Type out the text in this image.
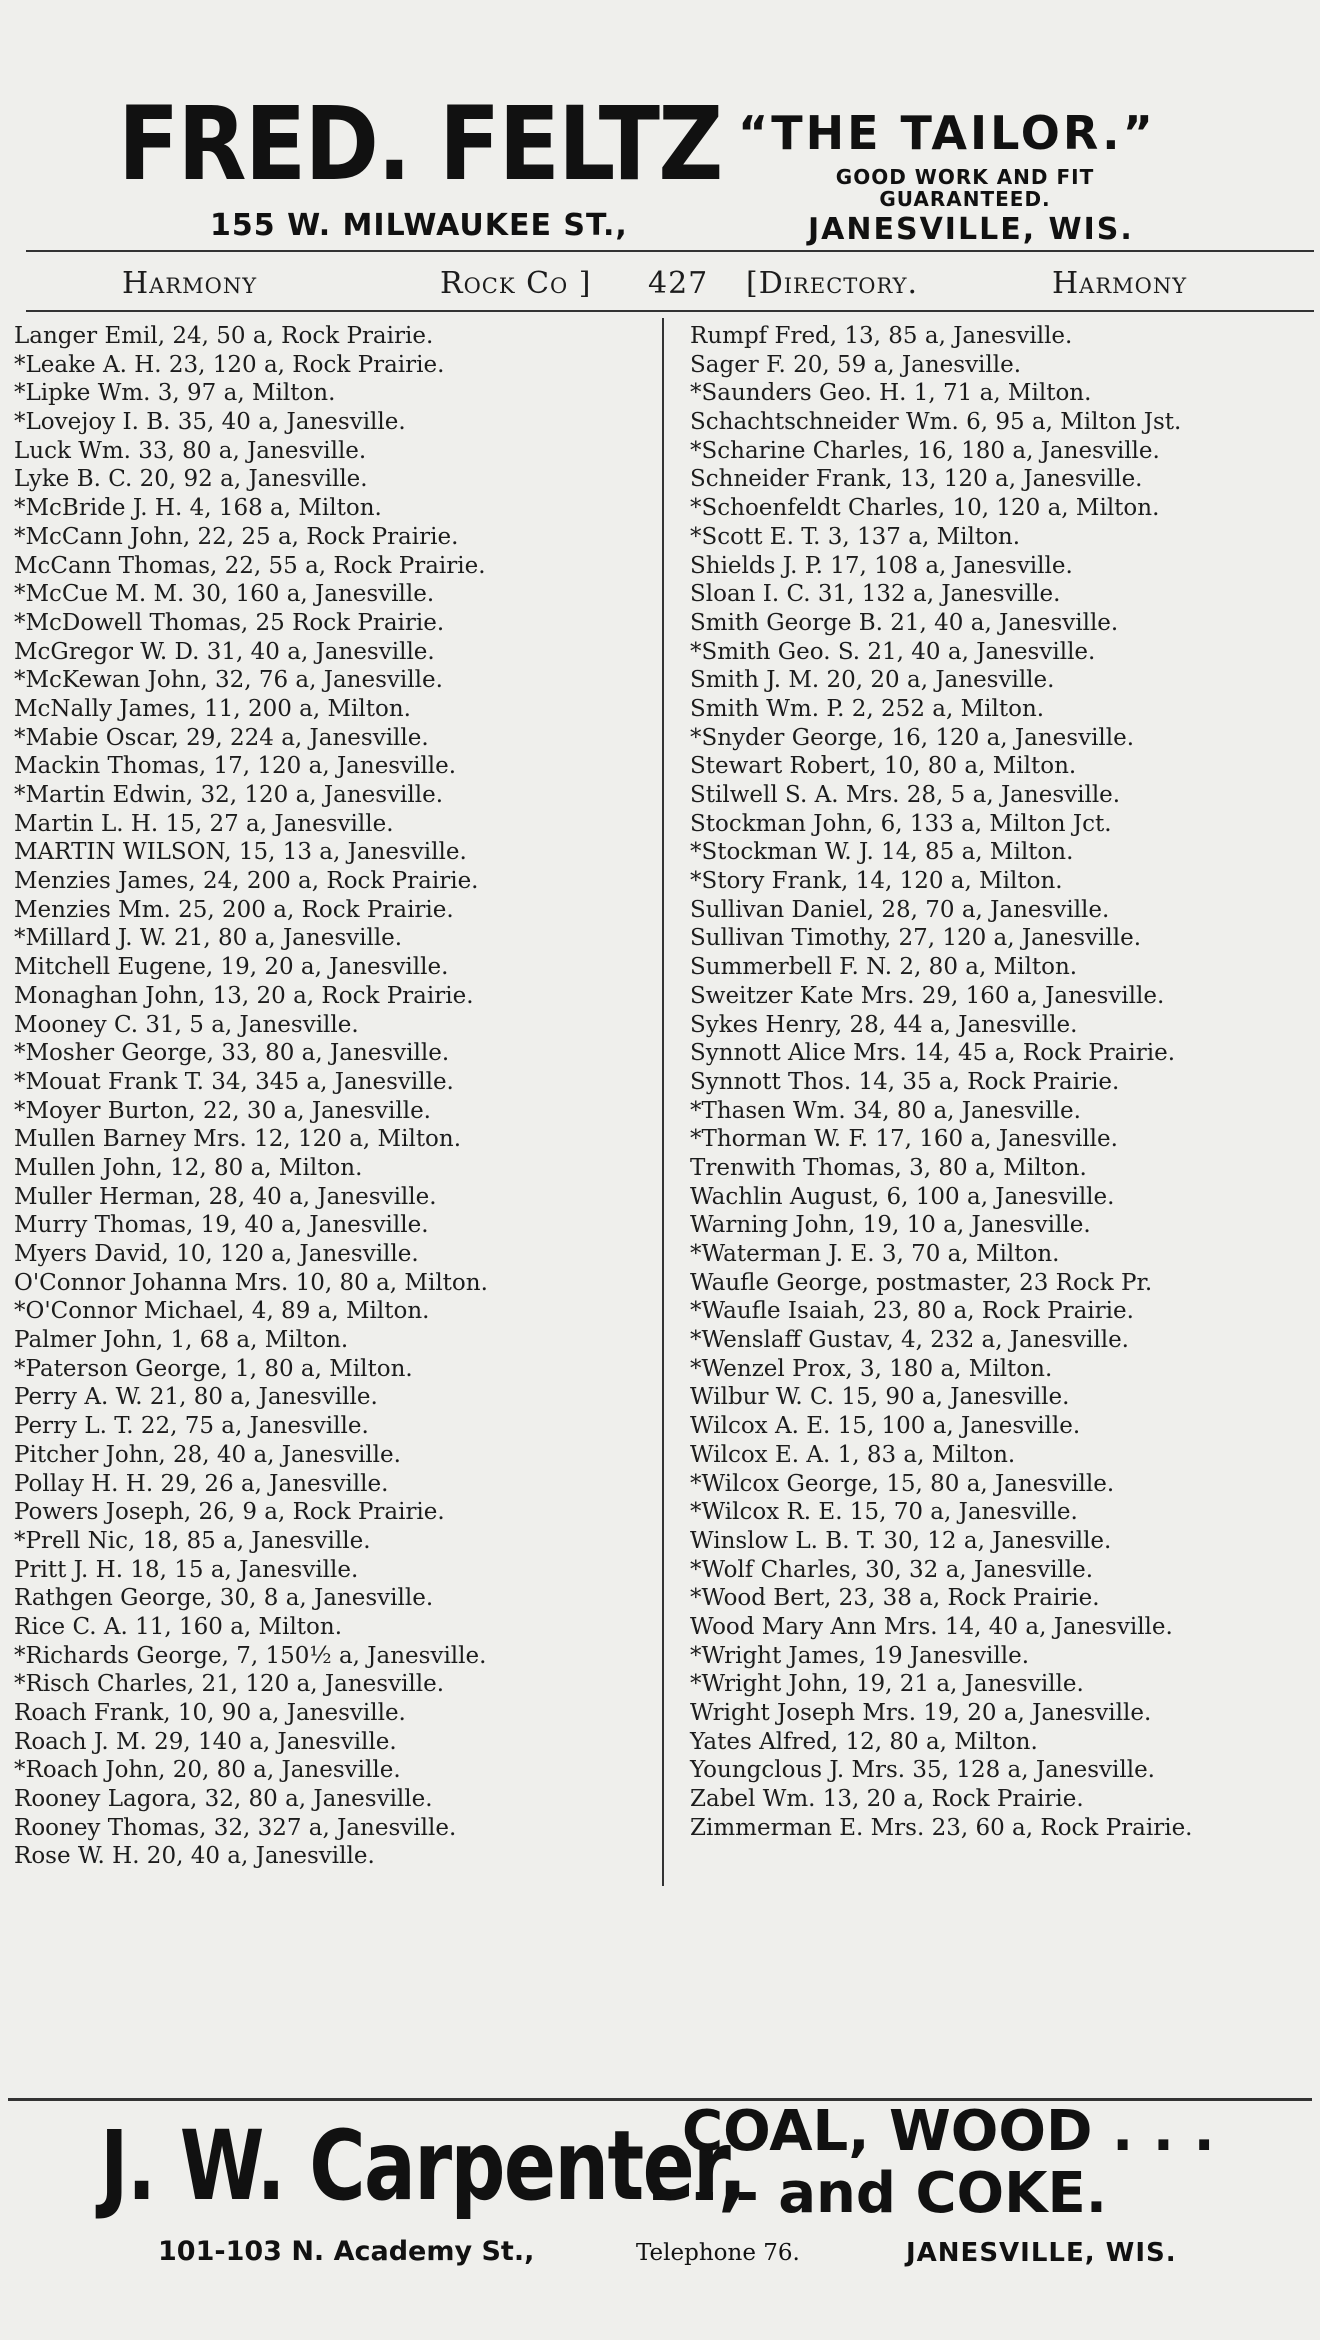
FRED. FELTZ
155 W. MILWAUKEE ST.,
“THE TAILOR.”
GOOD WORK AND FIT
GUARANTEED.
JANESVILLE, WIS.
Harmony	Rock Co ] 427 [Directory.	Harmony
Langer Emil, 24, 50 a, Rock Prairie.
*Leake A. H. 23, 120 a, Rock Prairie.
*Lipke Wm. 3, 97 a, Milton.
*Lovejoy I. B. 35, 40 a, Janesville.
Luck Wm. 33, 80 a, Janesville.
Lyke B. C. 20, 92 a, Janesville.
*McBride J. H. 4, 168 a, Milton.
*McCann John, 22, 25 a, Rock Prairie.
McCann Thomas, 22, 55 a, Rock Prairie.
*McCue M. M. 30, 160 a, Janesville.
*McDowell Thomas, 25 Rock Prairie.
McGregor W. D. 31, 40 a, Janesville.
*McKewan John, 32, 76 a, Janesville.
McNally James, 11, 200 a, Milton.
*Mabie Oscar, 29, 224 a, Janesville.
Mackin Thomas, 17, 120 a, Janesville.
*Martin Edwin, 32, 120 a, Janesville.
Martin L. H. 15, 27 a, Janesville.
MARTIN WILSON, 15, 13 a, Janesville.
Menzies James, 24, 200 a, Rock Prairie.
Menzies Mm. 25, 200 a, Rock Prairie.
*Millard J. W. 21, 80 a, Janesville.
Mitchell Eugene, 19, 20 a, Janesville.
Monaghan John, 13, 20 a, Rock Prairie.
Mooney C. 31, 5 a, Janesville.
*Mosher George, 33, 80 a, Janesville.
*Mouat Frank T. 34, 345 a, Janesville.
*Moyer Burton, 22, 30 a, Janesville.
Mullen Barney Mrs. 12, 120 a, Milton.
Mullen John, 12, 80 a, Milton.
Muller Herman, 28, 40 a, Janesville.
Murry Thomas, 19, 40 a, Janesville.
Myers David, 10, 120 a, Janesville.
O'Connor Johanna Mrs. 10, 80 a, Milton.
*O'Connor Michael, 4, 89 a, Milton.
Palmer John, 1, 68 a, Milton.
*Paterson George, 1, 80 a, Milton.
Perry A. W. 21, 80 a, Janesville.
Perry L. T. 22, 75 a, Janesville.
Pitcher John, 28, 40 a, Janesville.
Pollay H. H. 29, 26 a, Janesville.
Powers Joseph, 26, 9 a, Rock Prairie.
*Prell Nic, 18, 85 a, Janesville.
Pritt J. H. 18, 15 a, Janesville.
Rathgen George, 30, 8 a, Janesville.
Rice C. A. 11, 160 a, Milton.
*Richards George, 7, 150½ a, Janesville.
*Risch Charles, 21, 120 a, Janesville.
Roach Frank, 10, 90 a, Janesville.
Roach J. M. 29, 140 a, Janesville.
*Roach John, 20, 80 a, Janesville.
Rooney Lagora, 32, 80 a, Janesville.
Rooney Thomas, 32, 327 a, Janesville.
Rose W. H. 20, 40 a, Janesville.
Rumpf Fred, 13, 85 a, Janesville.
Sager F. 20, 59 a, Janesville.
*Saunders Geo. H. 1, 71 a, Milton.
Schachtschneider Wm. 6, 95 a, Milton Jst.
*Scharine Charles, 16, 180 a, Janesville.
Schneider Frank, 13, 120 a, Janesville.
*Schoenfeldt Charles, 10, 120 a, Milton.
*Scott E. T. 3, 137 a, Milton.
Shields J. P. 17, 108 a, Janesville.
Sloan I. C. 31, 132 a, Janesville.
Smith George B. 21, 40 a, Janesville.
*Smith Geo. S. 21, 40 a, Janesville.
Smith J. M. 20, 20 a, Janesville.
Smith Wm. P. 2, 252 a, Milton.
*Snyder George, 16, 120 a, Janesville.
Stewart Robert, 10, 80 a, Milton.
Stilwell S. A. Mrs. 28, 5 a, Janesville.
Stockman John, 6, 133 a, Milton Jct.
*Stockman W. J. 14, 85 a, Milton.
*Story Frank, 14, 120 a, Milton.
Sullivan Daniel, 28, 70 a, Janesville.
Sullivan Timothy, 27, 120 a, Janesville.
Summerbell F. N. 2, 80 a, Milton.
Sweitzer Kate Mrs. 29, 160 a, Janesville.
Sykes Henry, 28, 44 a, Janesville.
Synnott Alice Mrs. 14, 45 a, Rock Prairie.
Synnott Thos. 14, 35 a, Rock Prairie.
*Thasen Wm. 34, 80 a, Janesville.
*Thorman W. F. 17, 160 a, Janesville.
Trenwith Thomas, 3, 80 a, Milton.
Wachlin August, 6, 100 a, Janesville.
Warning John, 19, 10 a, Janesville.
*Waterman J. E. 3, 70 a, Milton.
Waufle George, postmaster, 23 Rock Pr.
*Waufle Isaiah, 23, 80 a, Rock Prairie.
*Wenslaff Gustav, 4, 232 a, Janesville.
*Wenzel Prox, 3, 180 a, Milton.
Wilbur W. C. 15, 90 a, Janesville.
Wilcox A. E. 15, 100 a, Janesville.
Wilcox E. A. 1, 83 a, Milton.
*Wilcox George, 15, 80 a, Janesville.
*Wilcox R. E. 15, 70 a, Janesville.
Winslow L. B. T. 30, 12 a, Janesville.
*Wolf Charles, 30, 32 a, Janesville.
*Wood Bert, 23, 38 a, Rock Prairie.
Wood Mary Ann Mrs. 14, 40 a, Janesville.
*Wright James, 19 Janesville.
*Wright John, 19, 21 a, Janesville.
Wright Joseph Mrs. 19, 20 a, Janesville.
Yates Alfred, 12, 80 a, Milton.
Youngclous J. Mrs. 35, 128 a, Janesville.
Zabel Wm. 13, 20 a, Rock Prairie.
Zimmerman E. Mrs. 23, 60 a, Rock Prairie.
J. W. Carpenter,
101-103 N. Academy St.,
COAL, WOOD . . .
- - - and COKE.
Telephone 76.	JANESVILLE, WIS.
